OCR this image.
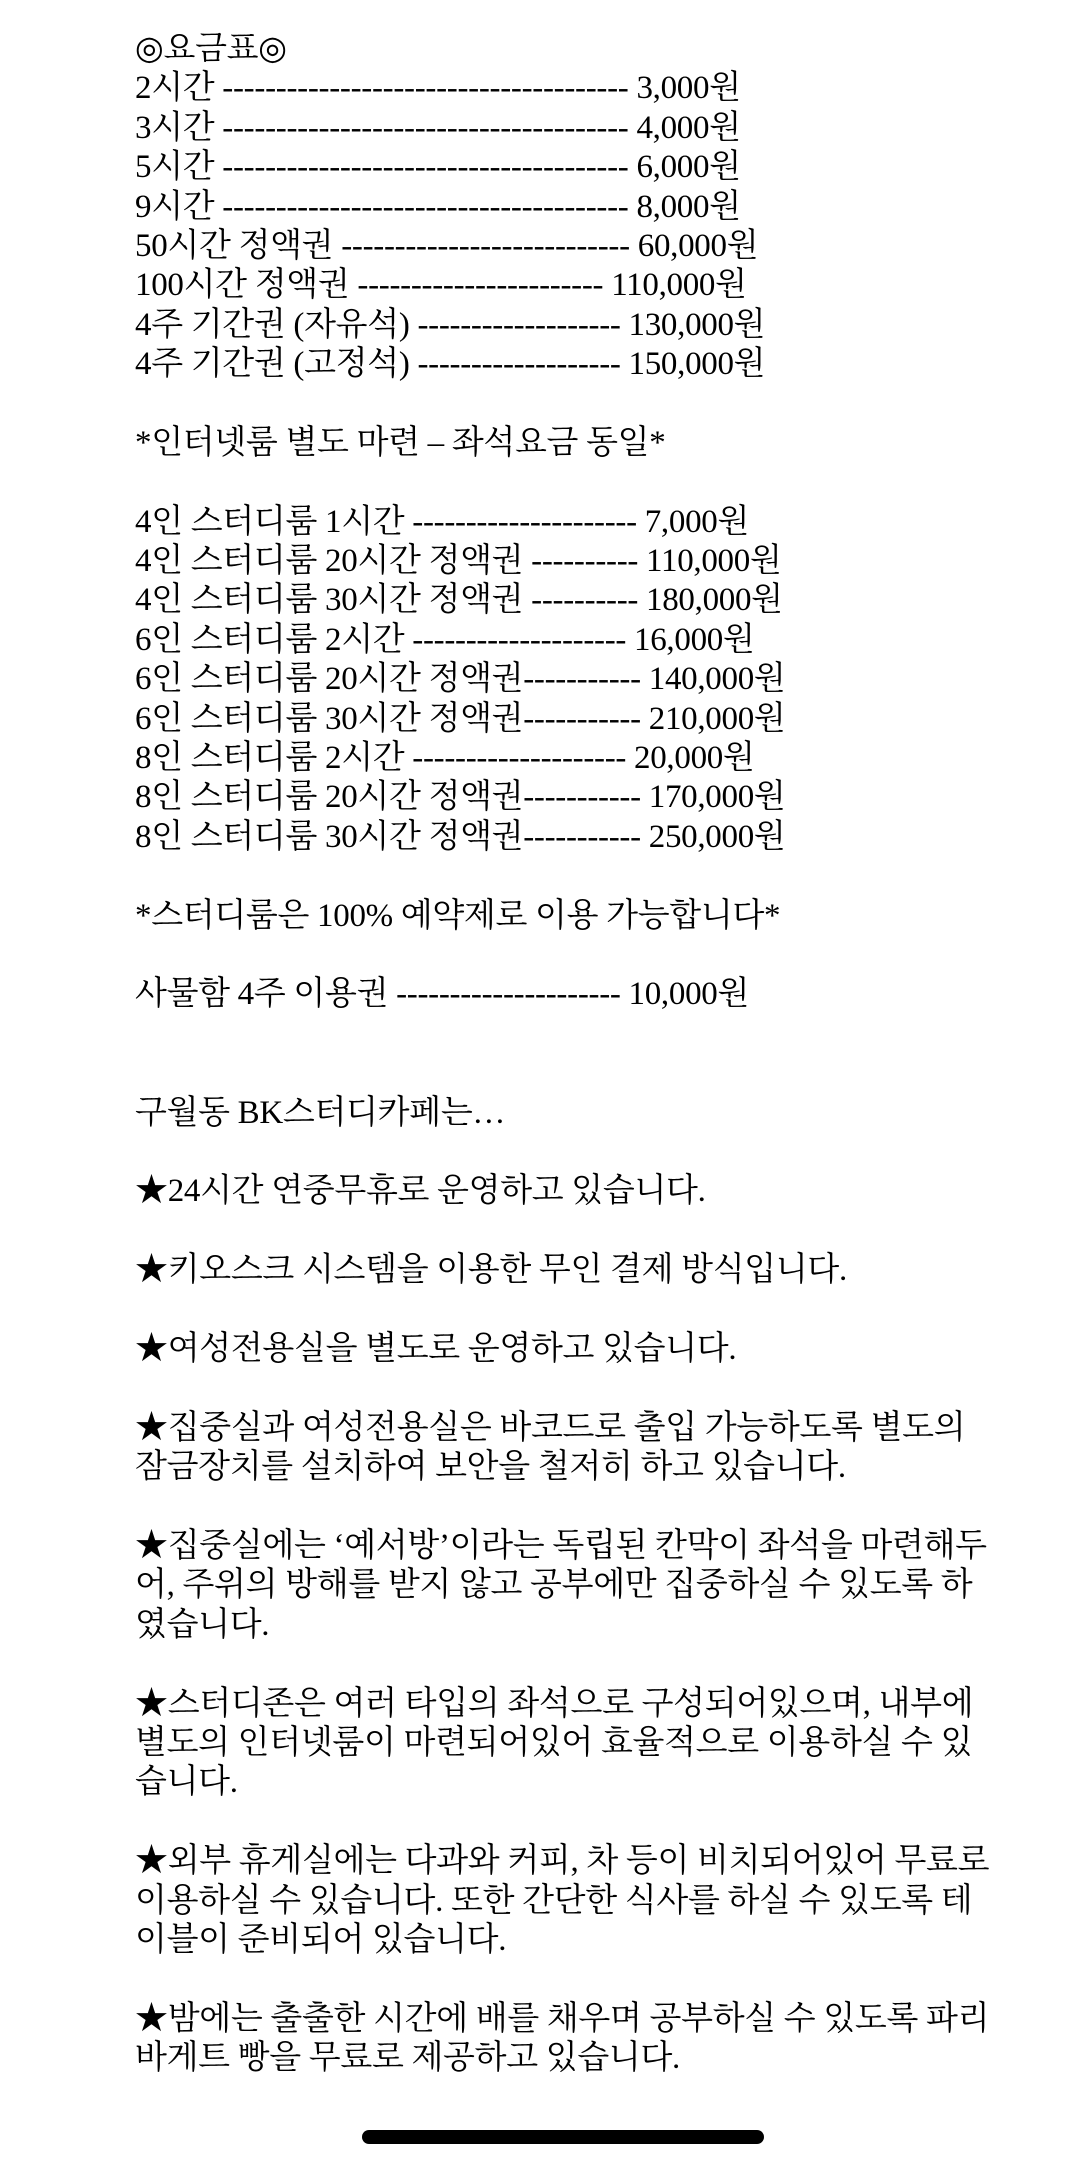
◎요금표◎
2시간 -------------------------------------- 3,000원
3시간 -------------------------------------- 4,000원
5시간 -------------------------------------- 6,000원
9시간 -------------------------------------- 8,000원
50시간 정액권 --------------------------- 60,000원
100시간 정액권 ----------------------- 110,000원
4주 기간권 (자유석) ------------------- 130,000원
4주 기간권 (고정석) ------------------- 150,000원
*인터넷룸 별도 마련 – 좌석요금 동일*
4인 스터디룸 1시간 --------------------- 7,000원
4인 스터디룸 20시간 정액권 ---------- 110,000원
4인 스터디룸 30시간 정액권 ---------- 180,000원
6인 스터디룸 2시간 -------------------- 16,000원
6인 스터디룸 20시간 정액권----------- 140,000원
6인 스터디룸 30시간 정액권----------- 210,000원
8인 스터디룸 2시간 -------------------- 20,000원
8인 스터디룸 20시간 정액권----------- 170,000원
8인 스터디룸 30시간 정액권----------- 250,000원
*스터디룸은 100% 예약제로 이용 가능합니다*
사물함 4주 이용권 --------------------- 10,000원
구월동 BK스터디카페는…
★24시간 연중무휴로 운영하고 있습니다.
★키오스크 시스템을 이용한 무인 결제 방식입니다.
★여성전용실을 별도로 운영하고 있습니다.
★집중실과 여성전용실은 바코드로 출입 가능하도록 별도의 잠금장치를 설치하여 보안을 철저히 하고 있습니다.
★집중실에는 ‘예서방’이라는 독립된 칸막이 좌석을 마련해두어, 주위의 방해를 받지 않고 공부에만 집중하실 수 있도록 하였습니다.
★스터디존은 여러 타입의 좌석으로 구성되어있으며, 내부에 별도의 인터넷룸이 마련되어있어 효율적으로 이용하실 수 있습니다.
★외부 휴게실에는 다과와 커피, 차 등이 비치되어있어 무료로 이용하실 수 있습니다. 또한 간단한 식사를 하실 수 있도록 테이블이 준비되어 있습니다.
★밤에는 출출한 시간에 배를 채우며 공부하실 수 있도록 파리바게트 빵을 무료로 제공하고 있습니다.
